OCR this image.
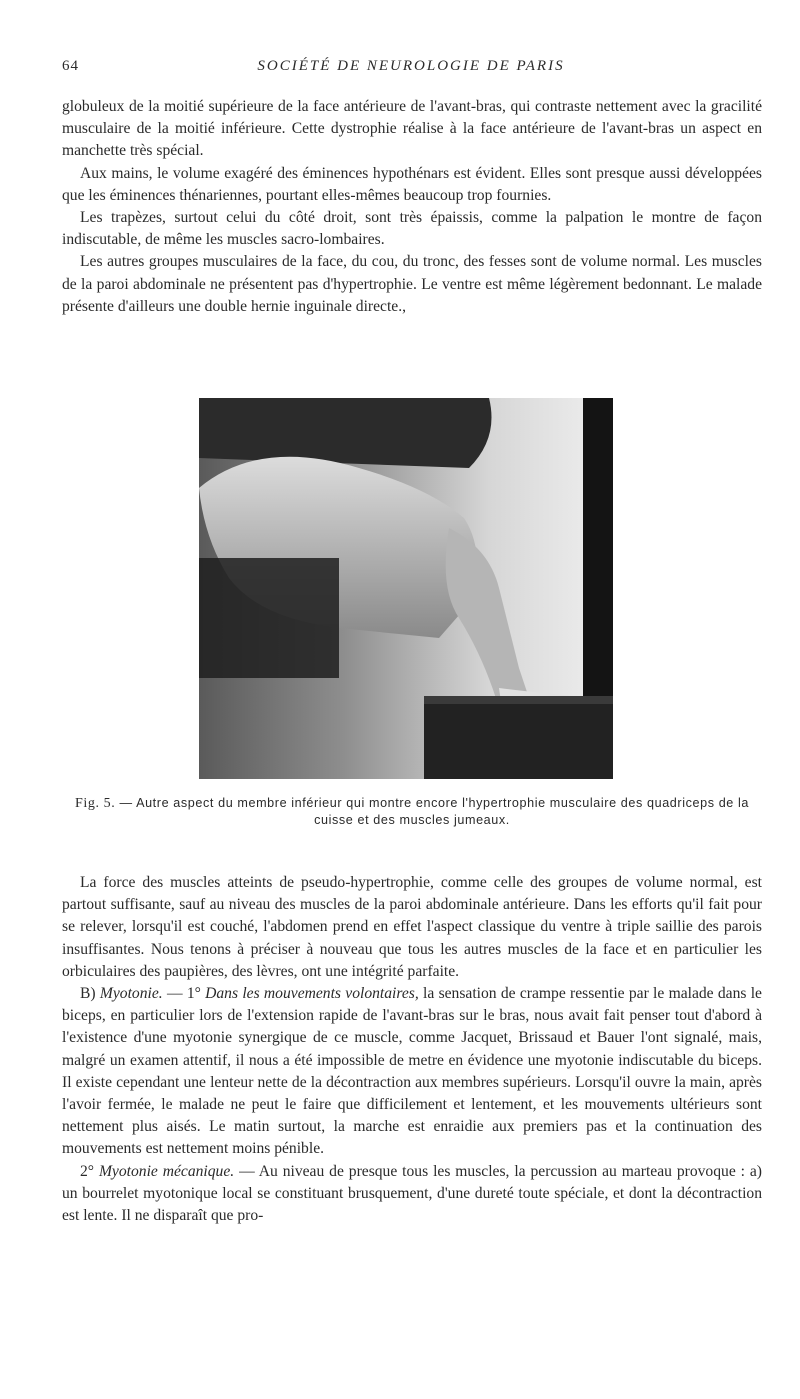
64	SOCIÉTÉ DE NEUROLOGIE DE PARIS

globuleux de la moitié supérieure de la face antérieure de l'avant-bras, qui contraste nettement avec la gracilité musculaire de la moitié inférieure. Cette dystrophie réalise à la face antérieure de l'avant-bras un aspect en manchette très spécial.

Aux mains, le volume exagéré des éminences hypothénars est évident. Elles sont presque aussi développées que les éminences thénariennes, pourtant elles-mêmes beaucoup trop fournies.

Les trapèzes, surtout celui du côté droit, sont très épaissis, comme la palpation le montre de façon indiscutable, de même les muscles sacro-lombaires.

Les autres groupes musculaires de la face, du cou, du tronc, des fesses sont de volume normal. Les muscles de la paroi abdominale ne présentent pas d'hypertrophie. Le ventre est même légèrement bedonnant. Le malade présente d'ailleurs une double hernie inguinale directe.,

Fig. 5. — Autre aspect du membre inférieur qui montre encore l'hypertrophie musculaire des quadriceps de la cuisse et des muscles jumeaux.

La force des muscles atteints de pseudo-hypertrophie, comme celle des groupes de volume normal, est partout suffisante, sauf au niveau des muscles de la paroi abdominale antérieure. Dans les efforts qu'il fait pour se relever, lorsqu'il est couché, l'abdomen prend en effet l'aspect classique du ventre à triple saillie des parois insuffisantes. Nous tenons à préciser à nouveau que tous les autres muscles de la face et en particulier les orbiculaires des paupières, des lèvres, ont une intégrité parfaite.

B) Myotonie. — 1° Dans les mouvements volontaires, la sensation de crampe ressentie par le malade dans le biceps, en particulier lors de l'extension rapide de l'avant-bras sur le bras, nous avait fait penser tout d'abord à l'existence d'une myotonie synergique de ce muscle, comme Jacquet, Brissaud et Bauer l'ont signalé, mais, malgré un examen attentif, il nous a été impossible de metre en évidence une myotonie indiscutable du biceps. Il existe cependant une lenteur nette de la décontraction aux membres supérieurs. Lorsqu'il ouvre la main, après l'avoir fermée, le malade ne peut le faire que difficilement et lentement, et les mouvements ultérieurs sont nettement plus aisés. Le matin surtout, la marche est enraidie aux premiers pas et la continuation des mouvements est nettement moins pénible.

2° Myotonie mécanique. — Au niveau de presque tous les muscles, la percussion au marteau provoque : a) un bourrelet myotonique local se constituant brusquement, d'une dureté toute spéciale, et dont la décontraction est lente. Il ne disparaît que pro-
